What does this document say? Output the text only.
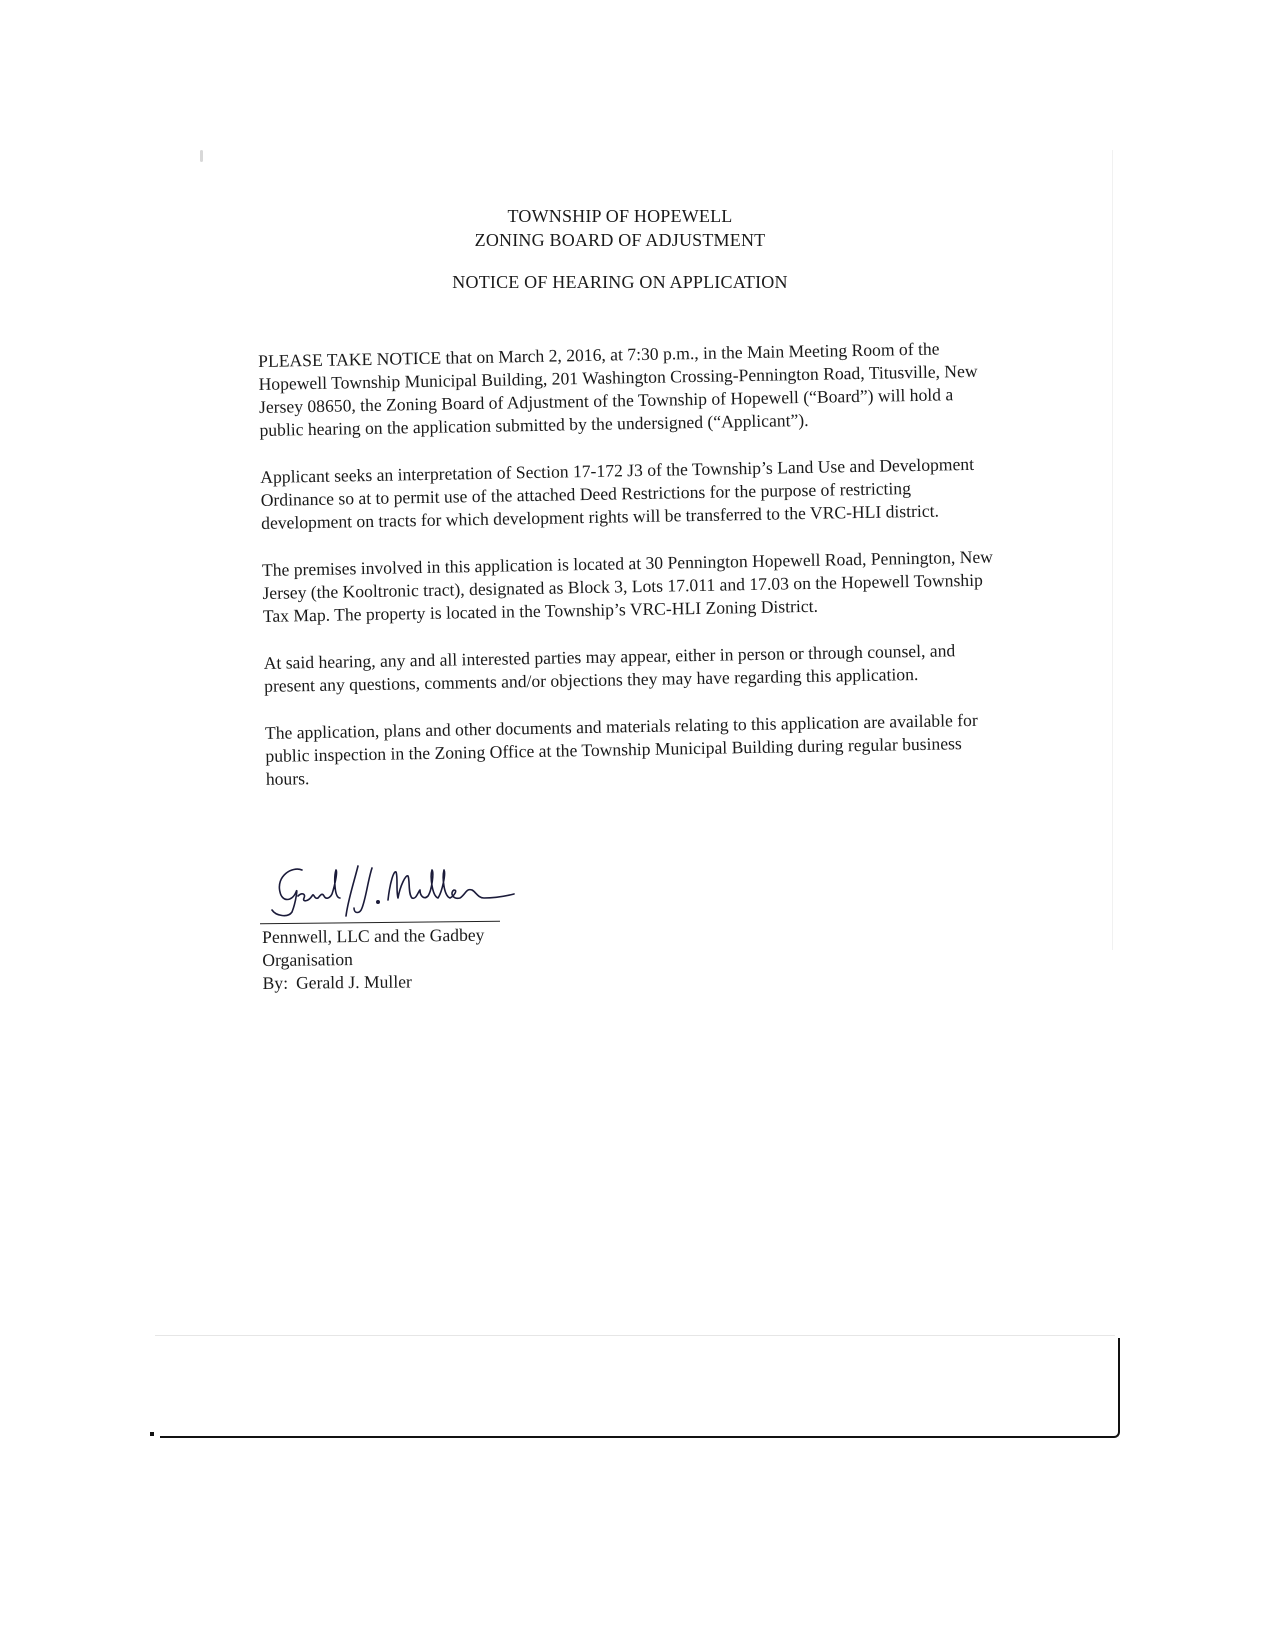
TOWNSHIP OF HOPEWELL
ZONING BOARD OF ADJUSTMENT
NOTICE OF HEARING ON APPLICATION

PLEASE TAKE NOTICE that on March 2, 2016, at 7:30 p.m., in the Main Meeting Room of the Hopewell Township Municipal Building, 201 Washington Crossing-Pennington Road, Titusville, New Jersey 08650, the Zoning Board of Adjustment of the Township of Hopewell (“Board”) will hold a public hearing on the application submitted by the undersigned (“Applicant”).

Applicant seeks an interpretation of Section 17-172 J3 of the Township’s Land Use and Development Ordinance so at to permit use of the attached Deed Restrictions for the purpose of restricting development on tracts for which development rights will be transferred to the VRC-HLI district.

The premises involved in this application is located at 30 Pennington Hopewell Road, Pennington, New Jersey (the Kooltronic tract), designated as Block 3, Lots 17.011 and 17.03 on the Hopewell Township Tax Map. The property is located in the Township’s VRC-HLI Zoning District.

At said hearing, any and all interested parties may appear, either in person or through counsel, and present any questions, comments and/or objections they may have regarding this application.

The application, plans and other documents and materials relating to this application are available for public inspection in the Zoning Office at the Township Municipal Building during regular business hours.

Pennwell, LLC and the Gadbey
Organisation
By: Gerald J. Muller
